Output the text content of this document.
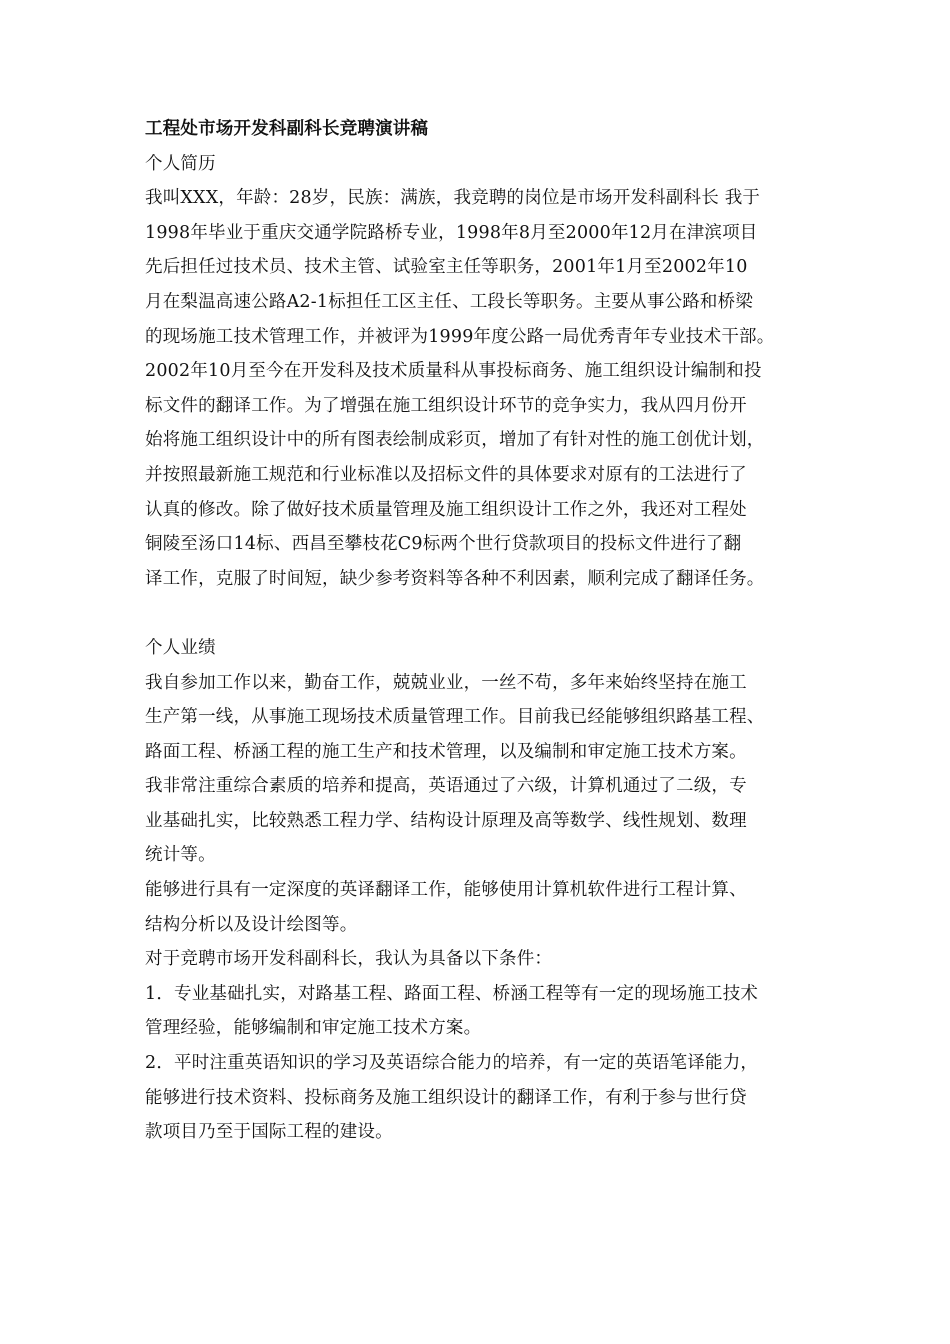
工程处市场开发科副科长竞聘演讲稿
个人简历
我叫XXX，年龄：28岁，民族：满族，我竞聘的岗位是市场开发科副科长 我于
1998年毕业于重庆交通学院路桥专业，1998年8月至2000年12月在津滨项目
先后担任过技术员、技术主管、试验室主任等职务，2001年1月至2002年10
月在梨温高速公路A2-1标担任工区主任、工段长等职务。主要从事公路和桥梁
的现场施工技术管理工作，并被评为1999年度公路一局优秀青年专业技术干部。
2002年10月至今在开发科及技术质量科从事投标商务、施工组织设计编制和投
标文件的翻译工作。为了增强在施工组织设计环节的竞争实力，我从四月份开
始将施工组织设计中的所有图表绘制成彩页，增加了有针对性的施工创优计划，
并按照最新施工规范和行业标准以及招标文件的具体要求对原有的工法进行了
认真的修改。除了做好技术质量管理及施工组织设计工作之外，我还对工程处
铜陵至汤口14标、西昌至攀枝花C9标两个世行贷款项目的投标文件进行了翻
译工作，克服了时间短，缺少参考资料等各种不利因素，顺利完成了翻译任务。
个人业绩
我自参加工作以来，勤奋工作，兢兢业业，一丝不苟，多年来始终坚持在施工
生产第一线，从事施工现场技术质量管理工作。目前我已经能够组织路基工程、
路面工程、桥涵工程的施工生产和技术管理，以及编制和审定施工技术方案。
我非常注重综合素质的培养和提高，英语通过了六级，计算机通过了二级，专
业基础扎实，比较熟悉工程力学、结构设计原理及高等数学、线性规划、数理
统计等。
能够进行具有一定深度的英译翻译工作，能够使用计算机软件进行工程计算、
结构分析以及设计绘图等。
对于竞聘市场开发科副科长，我认为具备以下条件：
1．专业基础扎实，对路基工程、路面工程、桥涵工程等有一定的现场施工技术
管理经验，能够编制和审定施工技术方案。
2．平时注重英语知识的学习及英语综合能力的培养，有一定的英语笔译能力，
能够进行技术资料、投标商务及施工组织设计的翻译工作，有利于参与世行贷
款项目乃至于国际工程的建设。
